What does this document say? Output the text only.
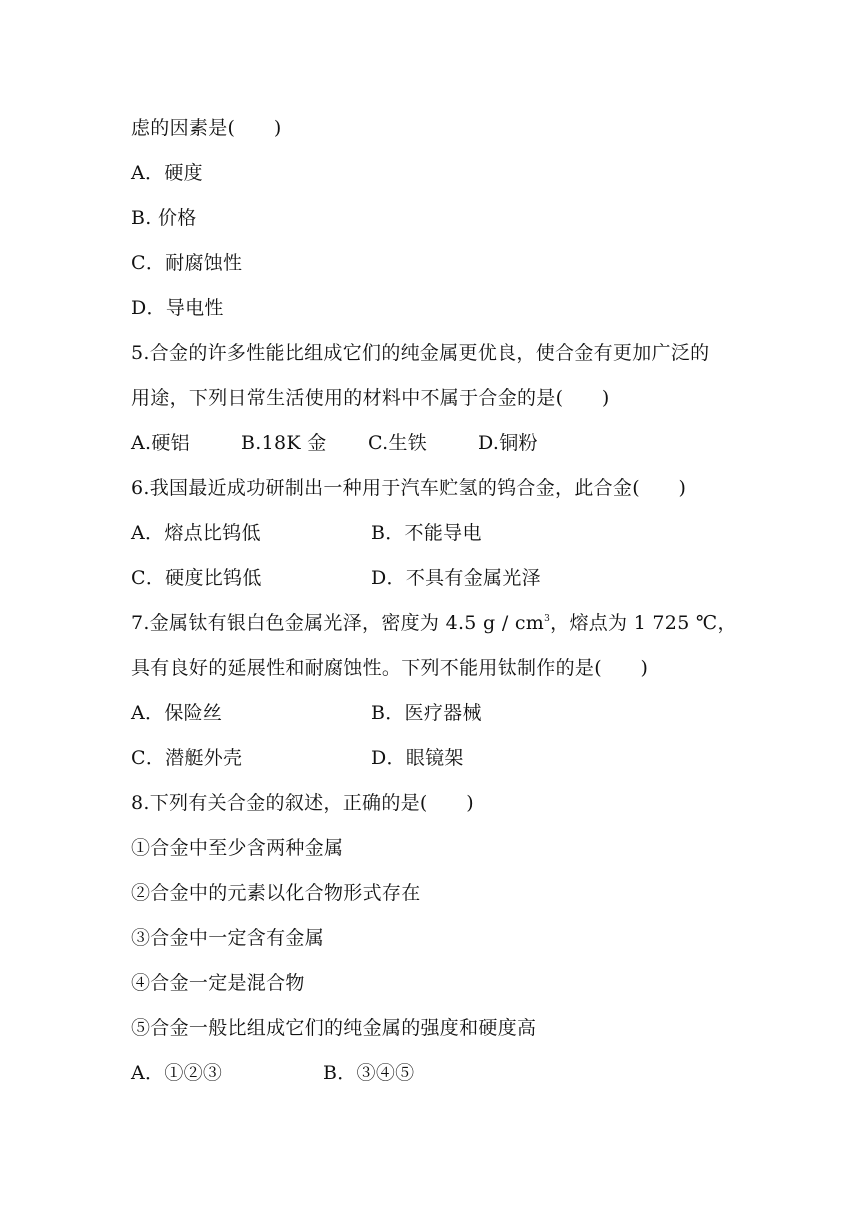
虑的因素是(　　)
A．硬度
B. 价格
C．耐腐蚀性
D．导电性
5.合金的许多性能比组成它们的纯金属更优良，使合金有更加广泛的
用途，下列日常生活使用的材料中不属于合金的是(　　)

A.硬铝

	B.18K 金

C.生铁

	D.铜粉

6.我国最近成功研制出一种用于汽车贮氢的钨合金，此合金(　　)

A．熔点比钨低

	B．不能导电

C．硬度比钨低

	D．不具有金属光泽

7.金属钛有银白色金属光泽，密度为 4.5 g / $cm^3$，熔点为 1 725 ℃，
具有良好的延展性和耐腐蚀性。下列不能用钛制作的是(　　)

A．保险丝

	B．医疗器械

C．潜艇外壳

	D．眼镜架

8.下列有关合金的叙述，正确的是(　　)
①合金中至少含两种金属
②合金中的元素以化合物形式存在
③合金中一定含有金属
④合金一定是混合物
⑤合金一般比组成它们的纯金属的强度和硬度高

A．①②③

	B．③④⑤
